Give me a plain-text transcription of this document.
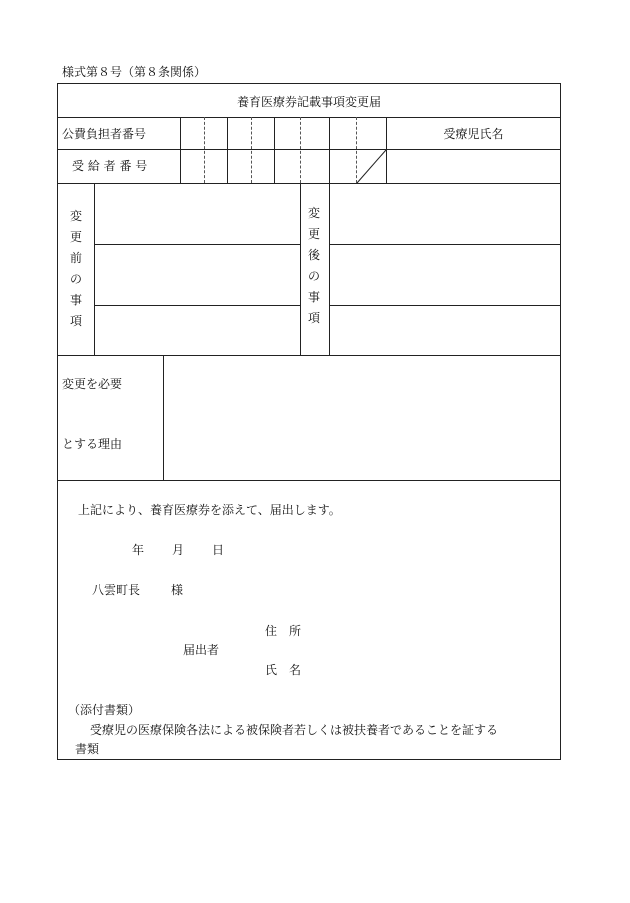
様式第８号（第８条関係）
養育医療券記載事項変更届
公費負担者番号	受療児氏名
受 給 者 番 号
変
更
前
の
事
項
変
更
後
の
事
項
変更を必要
とする理由
上記により、養育医療券を添えて、届出します。
年 月 日
八雲町長	様
住　所
届出者
氏　名
（添付書類）
受療児の医療保険各法による被保険者若しくは被扶養者であることを証する
書類
